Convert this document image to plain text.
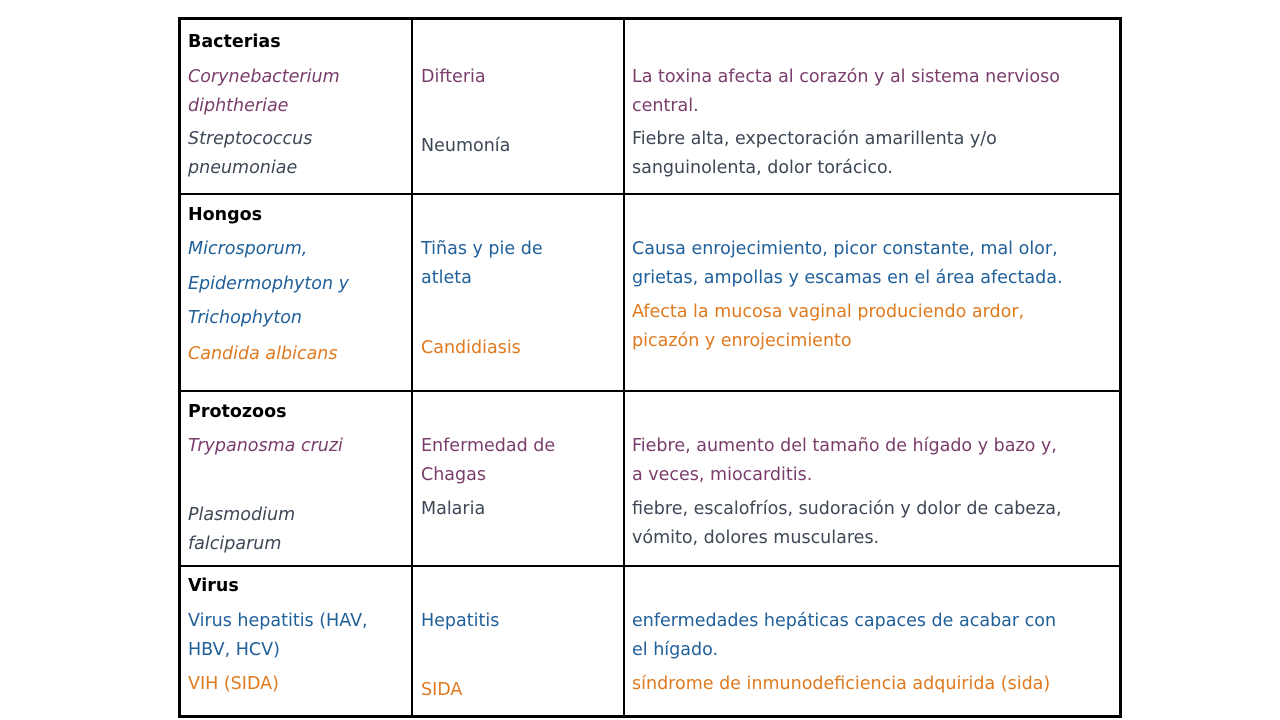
Bacterias

Corynebacterium

diphtheriae

Streptococcus

pneumoniae

Difteria

Neumonía

La toxina afecta al corazón y al sistema nervioso

central.

Fiebre alta, expectoración amarillenta y/o

sanguinolenta, dolor torácico.

Hongos

Microsporum,

Epidermophyton y

Trichophyton

Candida albicans

Tiñas y pie de

atleta

Candidiasis

Causa enrojecimiento, picor constante, mal olor,

grietas, ampollas y escamas en el área afectada.

Afecta la mucosa vaginal produciendo ardor,

picazón y enrojecimiento

Protozoos

Trypanosma cruzi

Plasmodium

falciparum

Enfermedad de

Chagas

Malaria

Fiebre, aumento del tamaño de hígado y bazo y,

a veces, miocarditis.

fiebre, escalofríos, sudoración y dolor de cabeza,

vómito, dolores musculares.

Virus

Virus hepatitis (HAV,

HBV, HCV)

VIH (SIDA)

Hepatitis

SIDA

enfermedades hepáticas capaces de acabar con

el hígado.

síndrome de inmunodeficiencia adquirida (sida)
